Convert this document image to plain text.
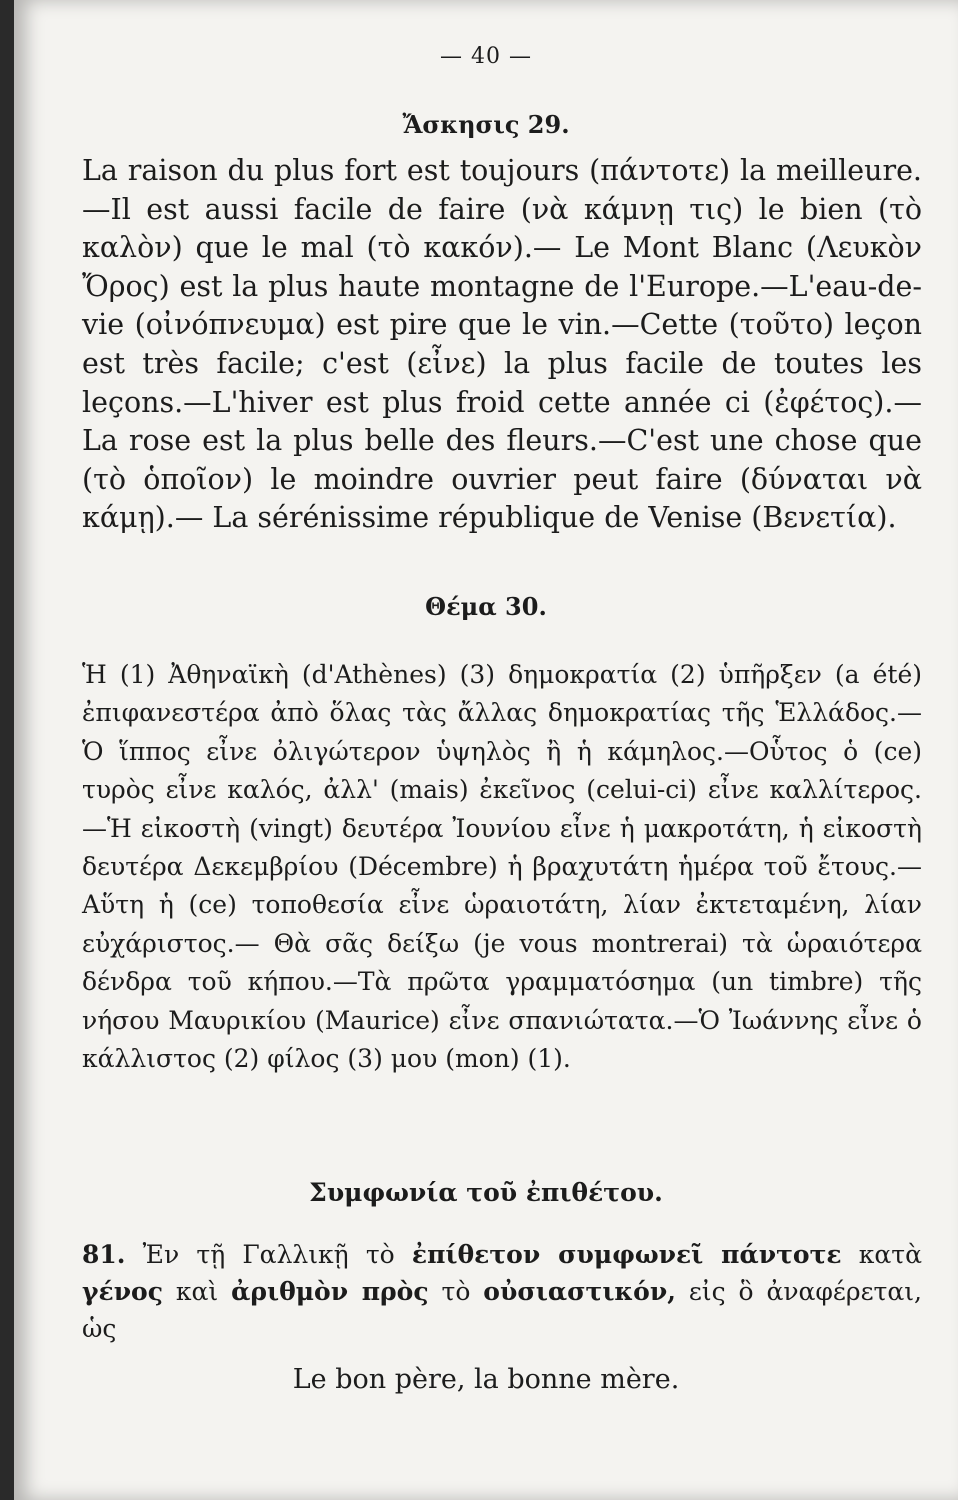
— 40 —
Ἄσκησις 29.
La raison du plus fort est toujours (πάντοτε) la meilleure.—Il est aussi facile de faire (νὰ κάμνῃ τις) le bien (τὸ καλὸν) que le mal (τὸ κακόν).— Le Mont Blanc (Λευκὸν Ὄρος) est la plus haute montagne de l'Europe.—L'eau-de-vie (οἰνόπνευμα) est pire que le vin.—Cette (τοῦτο) leçon est très facile; c'est (εἶνε) la plus facile de toutes les leçons.—L'hiver est plus froid cette année ci (ἐφέτος).—La rose est la plus belle des fleurs.—C'est une chose que (τὸ ὁποῖον) le moindre ouvrier peut faire (δύναται νὰ κάμῃ).— La sérénissime république de Venise (Βενετία).
Θέμα 30.
Ἡ (1) Ἀθηναϊκὴ (d'Athènes) (3) δημοκρατία (2) ὑπῆρξεν (a été) ἐπιφανεστέρα ἀπὸ ὅλας τὰς ἄλλας δημοκρατίας τῆς Ἑλλάδος.—Ὁ ἵππος εἶνε ὀλιγώτερον ὑψηλὸς ἢ ἡ κάμηλος.—Οὗτος ὁ (ce) τυρὸς εἶνε καλός, ἀλλ' (mais) ἐκεῖνος (celui-ci) εἶνε καλλίτερος.—Ἡ εἰκοστὴ (vingt) δευτέρα Ἰουνίου εἶνε ἡ μακροτάτη, ἡ εἰκοστὴ δευτέρα Δεκεμβρίου (Décembre) ἡ βραχυτάτη ἡμέρα τοῦ ἔτους.—Αὕτη ἡ (ce) τοποθεσία εἶνε ὡραιοτάτη, λίαν ἐκτεταμένη, λίαν εὐχάριστος.— Θὰ σᾶς δείξω (je vous montrerai) τὰ ὡραιότερα δένδρα τοῦ κήπου.—Τὰ πρῶτα γραμματόσημα (un timbre) τῆς νήσου Μαυρικίου (Maurice) εἶνε σπανιώτατα.—Ὁ Ἰωάννης εἶνε ὁ κάλλιστος (2) φίλος (3) μου (mon) (1).
Συμφωνία τοῦ ἐπιθέτου.
81. Ἐν τῇ Γαλλικῇ τὸ ἐπίθετον συμφωνεῖ πάντοτε κατὰ γένος καὶ ἀριθμὸν πρὸς τὸ οὐσιαστικόν, εἰς ὃ ἀναφέρεται, ὡς
Le bon père, la bonne mère.
